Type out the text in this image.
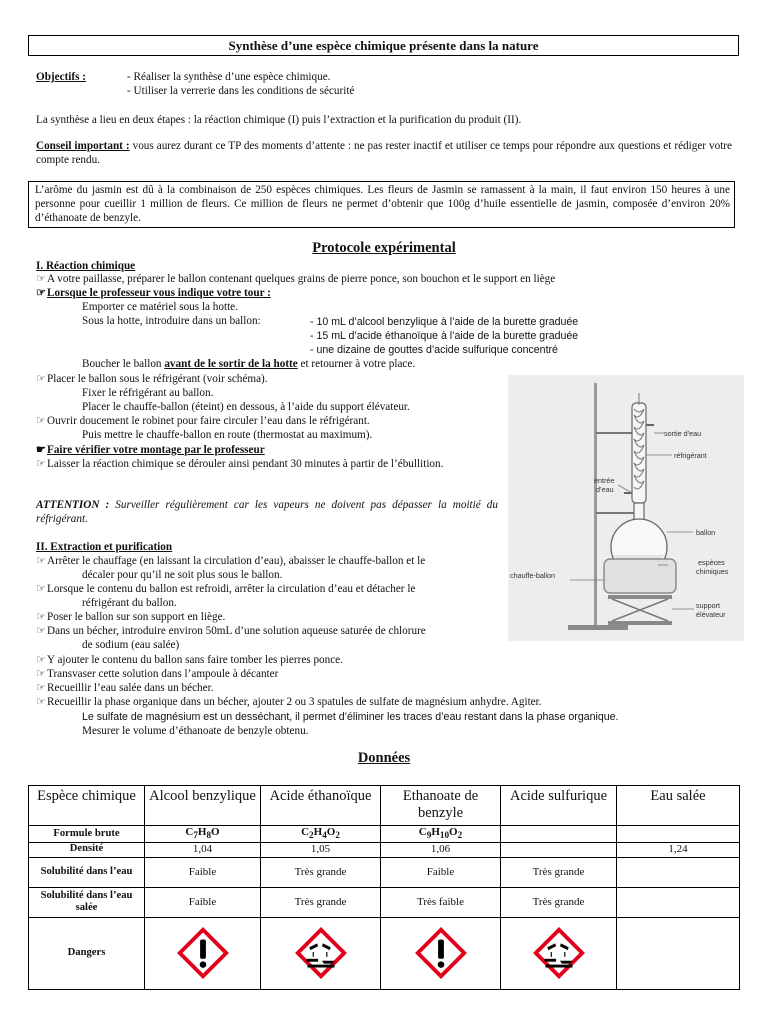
Synthèse d’une espèce chimique présente dans la nature
Objectifs :	- Réaliser la synthèse d’une espèce chimique.
- Utiliser la verrerie dans les conditions de sécurité
La synthèse a lieu en deux étapes : la réaction chimique (I) puis l’extraction et la purification du produit (II).
Conseil important : vous aurez durant ce TP des moments d’attente : ne pas rester inactif et utiliser ce temps pour répondre aux questions et rédiger votre compte rendu.
L’arôme du jasmin est dû à la combinaison de 250 espèces chimiques. Les fleurs de Jasmin se ramassent à la main, il faut environ 150 heures à une personne pour cueillir 1 million de fleurs. Ce million de fleurs ne permet d’obtenir que 100g d’huile essentielle de jasmin, composée d’environ 20% d’éthanoate de benzyle.
Protocole expérimental
I. Réaction chimique
☞A votre paillasse, préparer le ballon contenant quelques grains de pierre ponce, son bouchon et le support en liège
☞Lorsque le professeur vous indique votre tour :
Emporter ce matériel sous la hotte.
Sous la hotte, introduire dans un ballon:	- 10 mL d’alcool benzylique à l’aide de la burette graduée
- 15 mL d’acide éthanoïque à l’aide de la burette graduée
- une dizaine de gouttes d’acide sulfurique concentré
Boucher le ballon avant de le sortir de la hotte et retourner à votre place.
☞Placer le ballon sous le réfrigérant (voir schéma).
Fixer le réfrigérant au ballon.
Placer le chauffe-ballon (éteint) en dessous, à l’aide du support élévateur.
☞Ouvrir doucement le robinet pour faire circuler l’eau dans le réfrigérant.
Puis mettre le chauffe-ballon en route (thermostat au maximum).
☛Faire vérifier votre montage par le professeur
☞Laisser la réaction chimique se dérouler ainsi pendant 30 minutes à partir de l’ébullition.
ATTENTION : Surveiller régulièrement car les vapeurs ne doivent pas dépasser la moitié du réfrigérant.
II. Extraction et purification
☞Arrêter le chauffage (en laissant la circulation d’eau), abaisser le chauffe-ballon et le
décaler pour qu’il ne soit plus sous le ballon.
☞Lorsque le contenu du ballon est refroidi, arrêter la circulation d’eau et détacher le
réfrigérant du ballon.
☞Poser le ballon sur son support en liège.
☞Dans un bécher, introduire environ 50mL d’une solution aqueuse saturée de chlorure
de sodium (eau salée)
☞Y ajouter le contenu du ballon sans faire tomber les pierres ponce.
☞Transvaser cette solution dans l’ampoule à décanter
☞Recueillir l’eau salée dans un bécher.
☞Recueillir la phase organique dans un bécher, ajouter 2 ou 3 spatules de sulfate de magnésium anhydre. Agiter.
Le sulfate de magnésium est un desséchant, il permet d’éliminer les traces d’eau restant dans la phase organique.
Mesurer le volume d’éthanoate de benzyle obtenu.
sortie d’eau
réfrigérant
entrée
d’eau
ballon
espèces
chimiques
chauffe-ballon
support
élévateur
Données
Espèce chimique	Alcool benzylique	Acide éthanoïque	Ethanoate de benzyle	Acide sulfurique	Eau salée
Formule brute	$C_7H_8O$	$C_2H_4O_2$	$C_9H_{10}O_2$		
Densité	1,04	1,05	1,06		1,24
Solubilité dans l’eau	Faible	Très grande	Faible	Très grande	
Solubilité dans l’eau salée	Faible	Très grande	Très faible	Très grande	
Dangers	
